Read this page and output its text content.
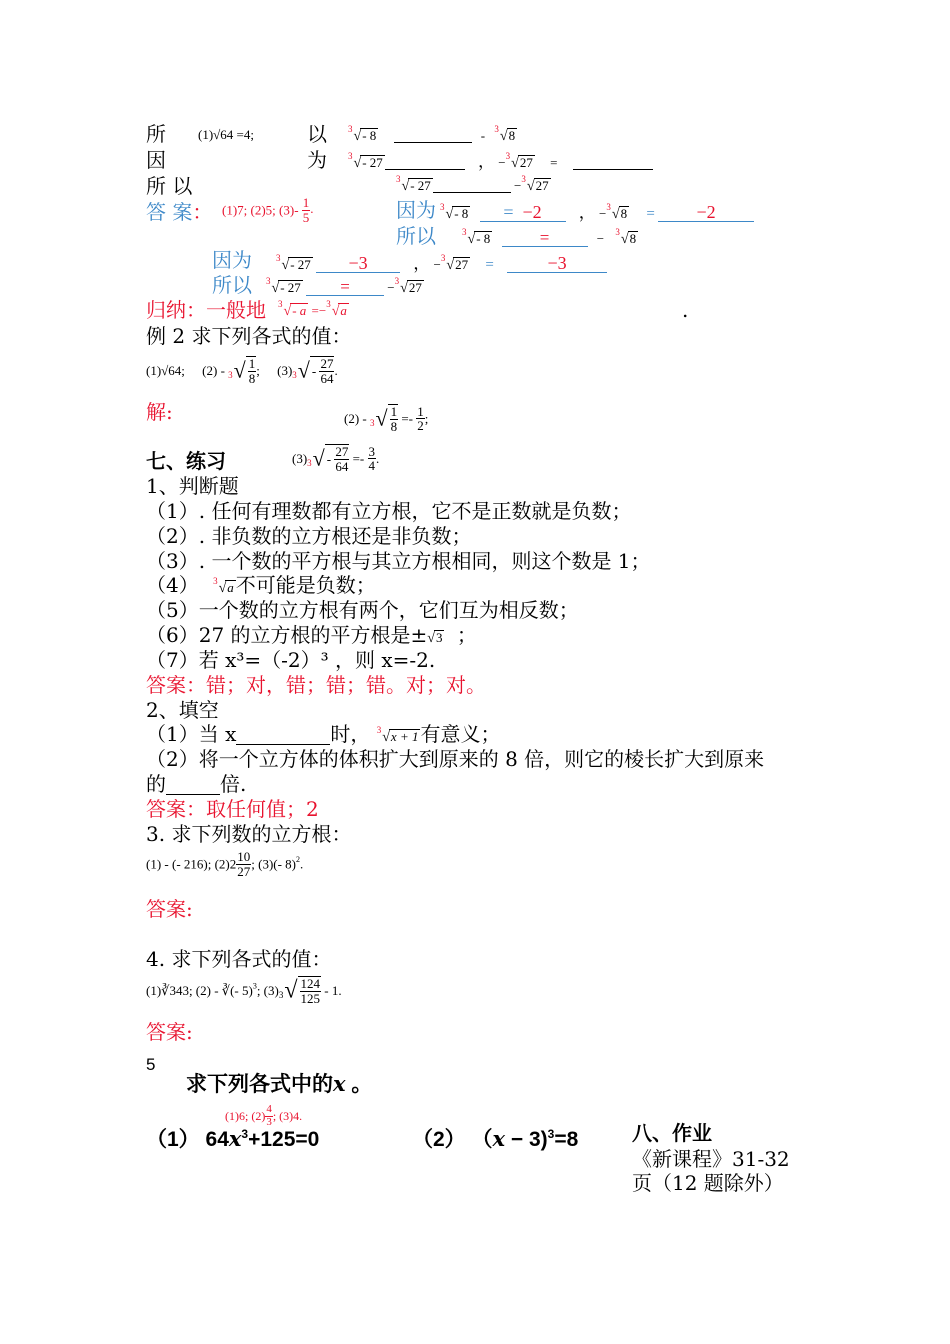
所 (1)√64 =4;	以 $^3$√- 8	- $^3$√8
因	为 $^3$√- 27	， −$^3$√27 =
所 以	$^3$√- 27	−$^3$√27
答 案： (1)7; (2)5; $(3)- \frac{1}{5}$ .	因为 $^3$√- 8 = −2 ， −$^3$√8 = −2
所以	$^3$√- 8	=	− $^3$√8
因为	$^3$√- 27 −3	， −$^3$√27 =	−3
所以 $^3$√- 27 =	−$^3$√27
归纳：一般地 $^3$√- a =−$^3$√a	.
例 2 求下列各式的值：
(1)√64; $(2) - _3√ \frac{1}{8}$ ; $(3)_3√ - \frac{27}{64}$ .
解:	$(2) - _3√ \frac{1}{8} =- \frac{1}{2}$ ;
七、练习	$(3)_3√ - \frac{27}{64} =- \frac{3}{4}$ .
1、判断题
（1）. 任何有理数都有立方根，它不是正数就是负数；
（2）. 非负数的立方根还是非负数；
（3）. 一个数的平方根与其立方根相同，则这个数是 1；
（4） $^3$√a 不可能是负数；
（5）一个数的立方根有两个，它们互为相反数；
（6）27 的立方根的平方根是±√3 ；
（7）若 x³=（-2）³ ，则 x=-2.
答案：错；对，错；错；错。对；对。
2、填空
（1）当 x	时， $^3$√x + 1 有意义；
（2）将一个立方体的体积扩大到原来的 8 倍，则它的棱长扩大到原来
的	倍.
答案：取任何值；2
3. 求下列数的立方根：
(1) - (- 216); $(2)2 \frac{10}{27}$ ; (3)(- 8)$^2$.
答案:
4. 求下列各式的值：
(1)∛343; (2) - ∛(- 5)$^3$; $(3)_3√ \frac{124}{125} - 1$.
答案:
5
求下列各式中的x 。
(1)6; $(2) \frac{4}{3}$ ; (3)4.
（1） $64x^3+125=0$	（2） （x − 3)$^3$=8	八、作业
《新课程》31-32
页（12 题除外）
